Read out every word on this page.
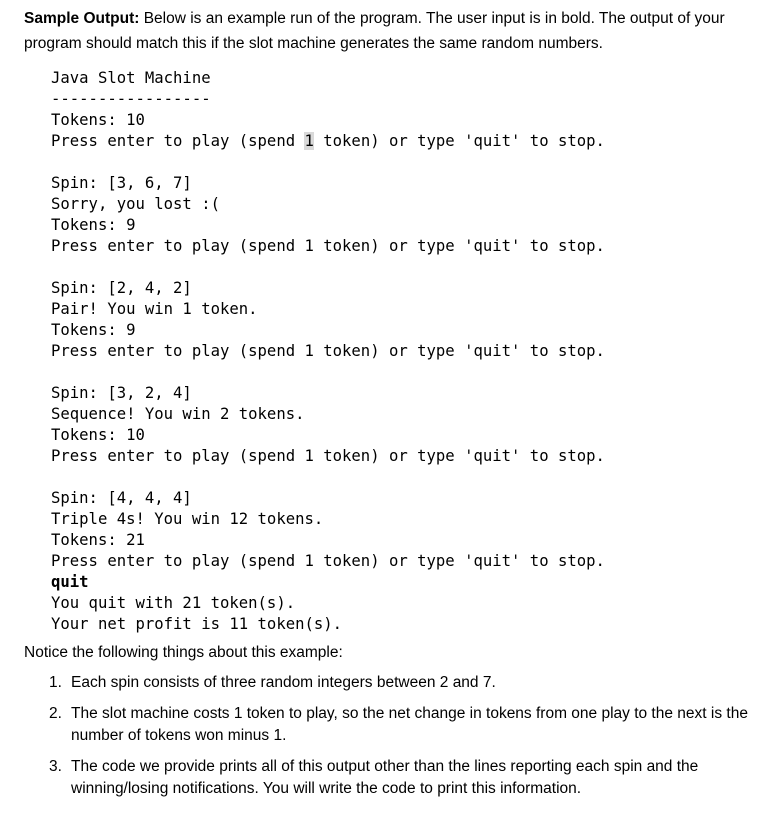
Sample Output: Below is an example run of the program. The user input is in bold. The output of your program should match this if the slot machine generates the same random numbers.

Java Slot Machine
-----------------
Tokens: 10
Press enter to play (spend 1 token) or type 'quit' to stop.
Spin: [3, 6, 7]
Sorry, you lost :(
Tokens: 9
Press enter to play (spend 1 token) or type 'quit' to stop.
Spin: [2, 4, 2]
Pair! You win 1 token.
Tokens: 9
Press enter to play (spend 1 token) or type 'quit' to stop.
Spin: [3, 2, 4]
Sequence! You win 2 tokens.
Tokens: 10
Press enter to play (spend 1 token) or type 'quit' to stop.
Spin: [4, 4, 4]
Triple 4s! You win 12 tokens.
Tokens: 21
Press enter to play (spend 1 token) or type 'quit' to stop.
quit
You quit with 21 token(s).
Your net profit is 11 token(s).

Notice the following things about this example:

1. Each spin consists of three random integers between 2 and 7.
2. The slot machine costs 1 token to play, so the net change in tokens from one play to the next is the number of tokens won minus 1.
3. The code we provide prints all of this output other than the lines reporting each spin and the winning/losing notifications. You will write the code to print this information.
